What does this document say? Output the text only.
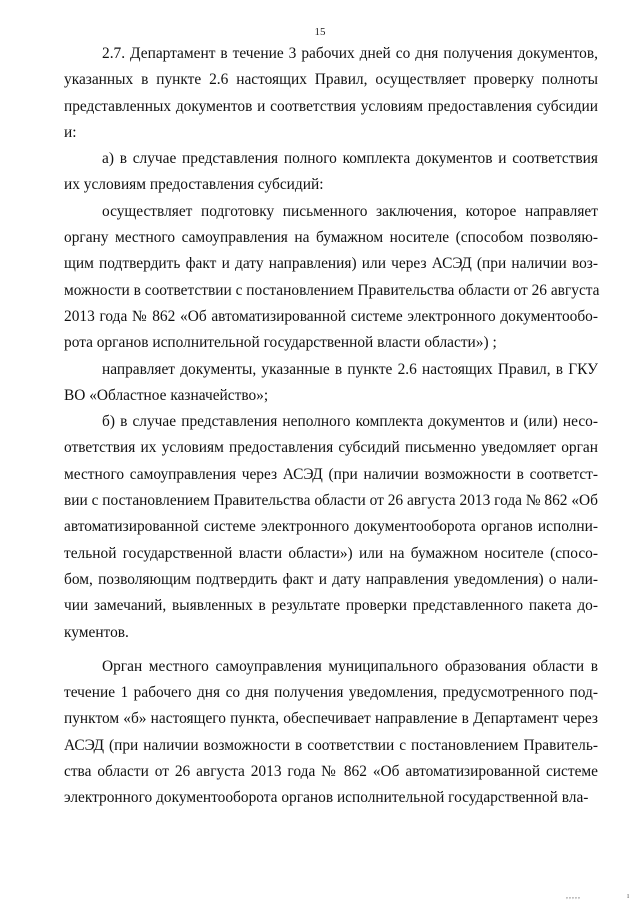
15
2.7. Департамент в течение 3 рабочих дней со дня получения документов,
указанных в пункте 2.6 настоящих Правил, осуществляет проверку полноты
представленных документов и соответствия условиям предоставления субсидии
и:
а) в случае представления полного комплекта документов и соответствия
их условиям предоставления субсидий:
осуществляет подготовку письменного заключения, которое направляет
органу местного самоуправления на бумажном носителе (способом позволяю-
щим подтвердить факт и дату направления) или через АСЭД (при наличии воз-
можности в соответствии с постановлением Правительства области от 26 августа
2013 года № 862 «Об автоматизированной системе электронного документообо-
рота органов исполнительной государственной власти области») ;
направляет документы, указанные в пункте 2.6 настоящих Правил, в ГКУ
ВО «Областное казначейство»;
б) в случае представления неполного комплекта документов и (или) несо-
ответствия их условиям предоставления субсидий письменно уведомляет орган
местного самоуправления через АСЭД (при наличии возможности в соответст-
вии с постановлением Правительства области от 26 августа 2013 года № 862 «Об
автоматизированной системе электронного документооборота органов исполни-
тельной государственной власти области») или на бумажном носителе (спосо-
бом, позволяющим подтвердить факт и дату направления уведомления) о нали-
чии замечаний, выявленных в результате проверки представленного пакета до-
кументов.
Орган местного самоуправления муниципального образования области в
течение 1 рабочего дня со дня получения уведомления, предусмотренного под-
пунктом «б» настоящего пункта, обеспечивает направление в Департамент через
АСЭД (при наличии возможности в соответствии с постановлением Правитель-
ства области от 26 августа 2013 года № 862 «Об автоматизированной системе
электронного документооборота органов исполнительной государственной вла-
,,,,,	ı
